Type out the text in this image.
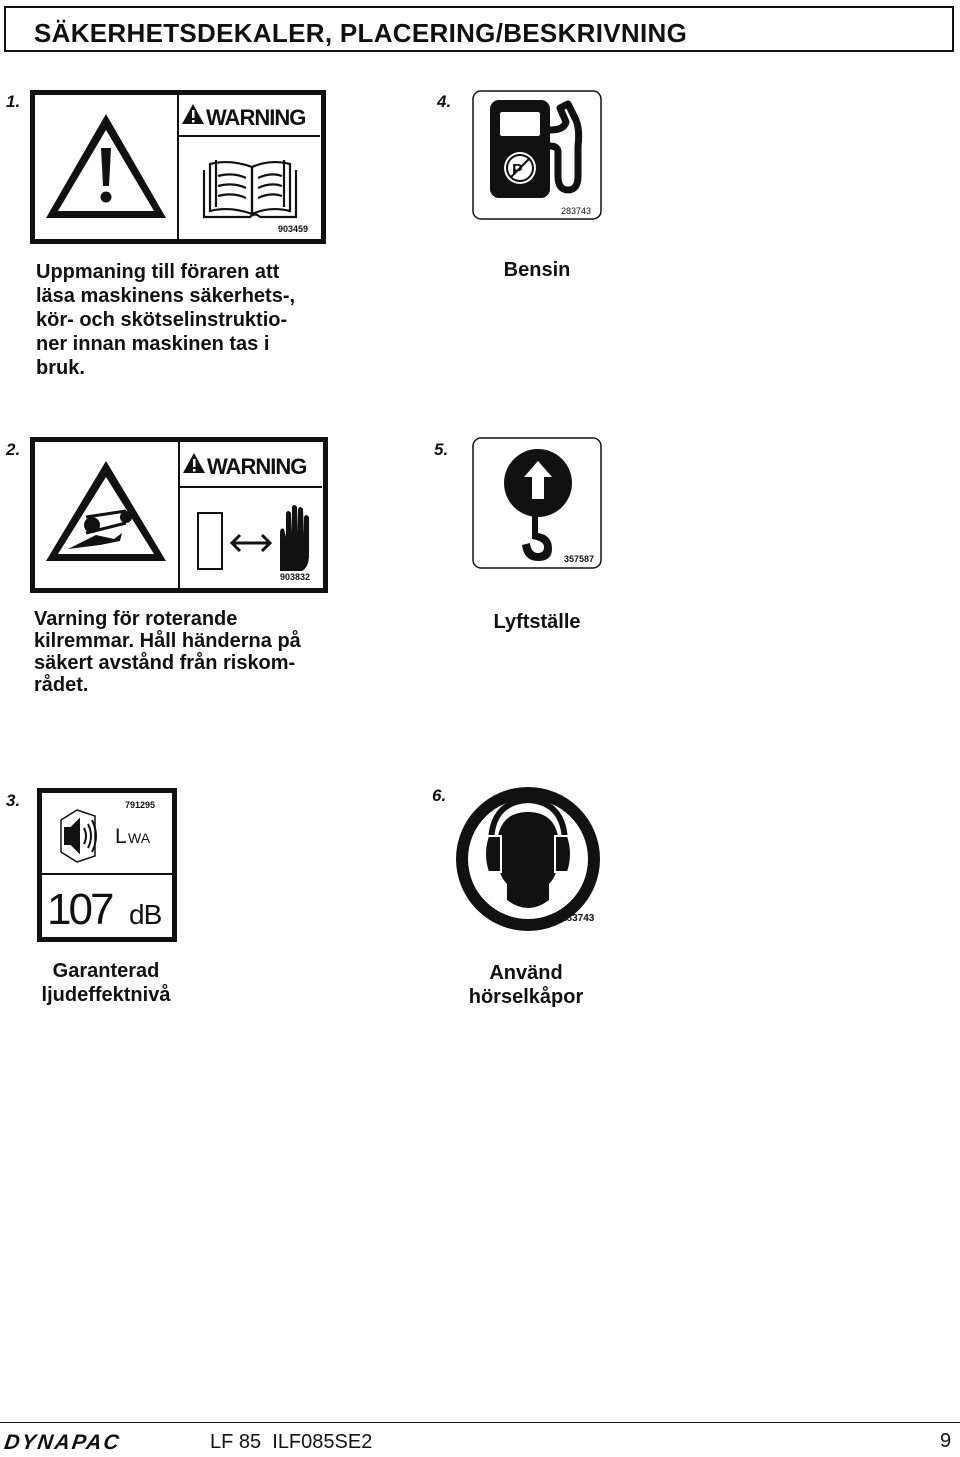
SÄKERHETSDEKALER, PLACERING/BESKRIVNING
1.
WARNING
903459
Uppmaning till föraren att
läsa maskinens säkerhets-,
kör- och skötselinstruktio-
ner innan maskinen tas i
bruk.
4.
P
283743
Bensin
2.
WARNING
903832
Varning för roterande
kilremmar. Håll händerna på
säkert avstånd från riskom-
rådet.
5.
357587
Lyftställe
3.	791295
L WA
107 dB
Garanterad
ljudeffektnivå
6.
283743
Använd
hörselkåpor
DYNAPAC	LF 85  ILF085SE2	9
